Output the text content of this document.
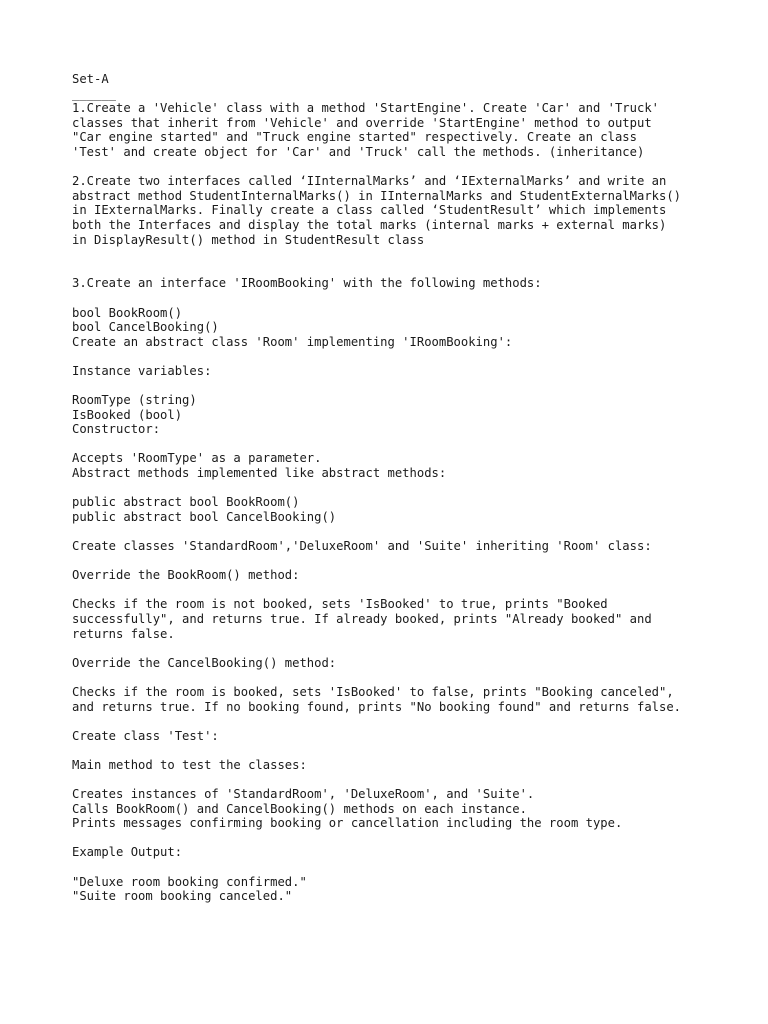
Set-A
______
1.Create a 'Vehicle' class with a method 'StartEngine'. Create 'Car' and 'Truck'
classes that inherit from 'Vehicle' and override 'StartEngine' method to output
"Car engine started" and "Truck engine started" respectively. Create an class
'Test' and create object for 'Car' and 'Truck' call the methods. (inheritance)
2.Create two interfaces called ‘IInternalMarks’ and ‘IExternalMarks’ and write an
abstract method StudentInternalMarks() in IInternalMarks and StudentExternalMarks()
in IExternalMarks. Finally create a class called ‘StudentResult’ which implements
both the Interfaces and display the total marks (internal marks + external marks)
in DisplayResult() method in StudentResult class
3.Create an interface 'IRoomBooking' with the following methods:
bool BookRoom()
bool CancelBooking()
Create an abstract class 'Room' implementing 'IRoomBooking':
Instance variables:
RoomType (string)
IsBooked (bool)
Constructor:
Accepts 'RoomType' as a parameter.
Abstract methods implemented like abstract methods:
public abstract bool BookRoom()
public abstract bool CancelBooking()
Create classes 'StandardRoom','DeluxeRoom' and 'Suite' inheriting 'Room' class:
Override the BookRoom() method:
Checks if the room is not booked, sets 'IsBooked' to true, prints "Booked
successfully", and returns true. If already booked, prints "Already booked" and
returns false.
Override the CancelBooking() method:
Checks if the room is booked, sets 'IsBooked' to false, prints "Booking canceled",
and returns true. If no booking found, prints "No booking found" and returns false.
Create class 'Test':
Main method to test the classes:
Creates instances of 'StandardRoom', 'DeluxeRoom', and 'Suite'.
Calls BookRoom() and CancelBooking() methods on each instance.
Prints messages confirming booking or cancellation including the room type.
Example Output:
"Deluxe room booking confirmed."
"Suite room booking canceled."
